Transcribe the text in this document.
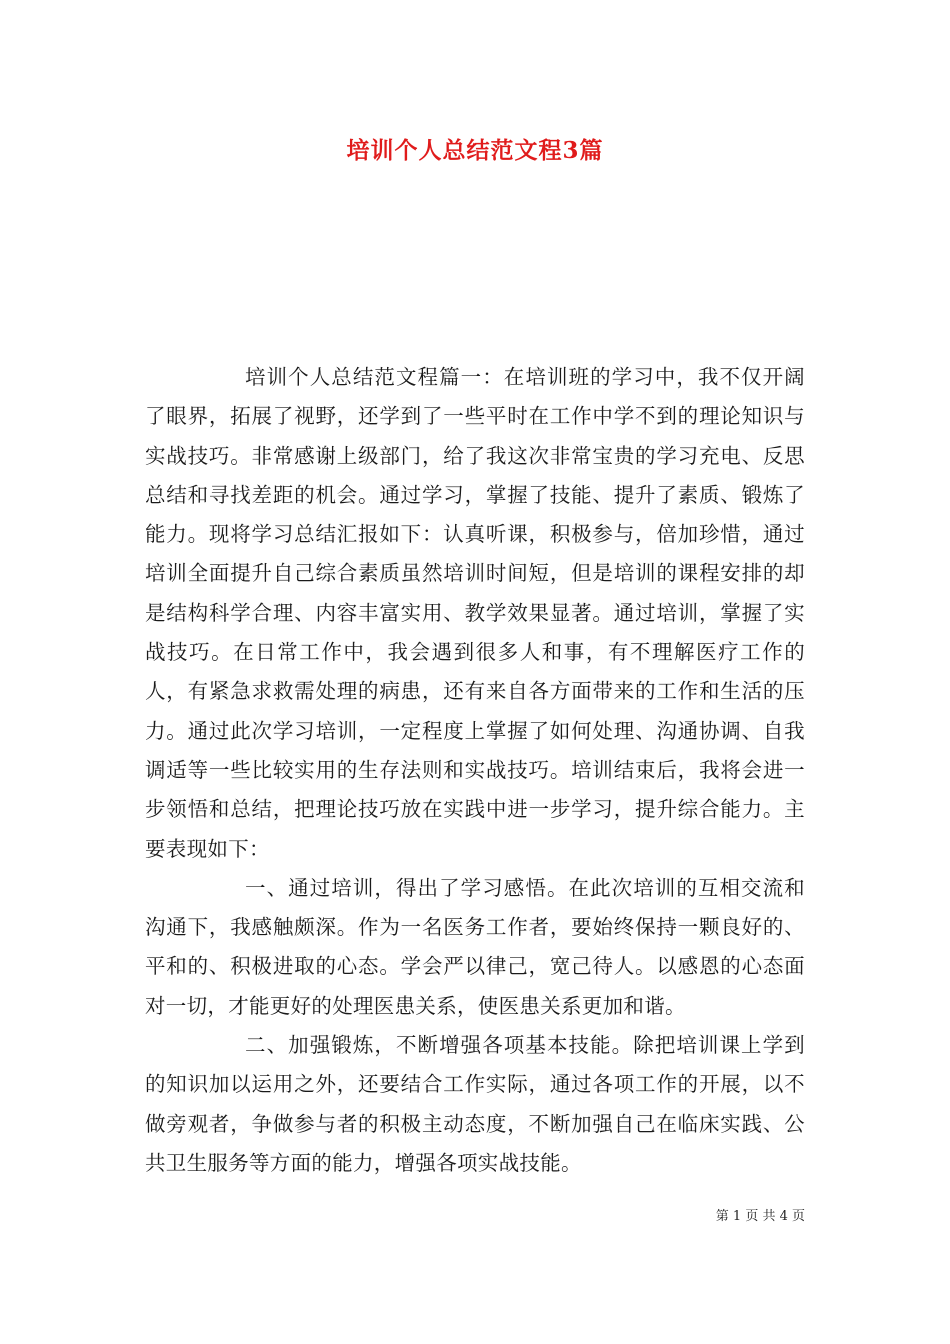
培训个人总结范文程3篇

培训个人总结范文程篇一：在培训班的学习中，我不仅开阔了眼界，拓展了视野，还学到了一些平时在工作中学不到的理论知识与实战技巧。非常感谢上级部门，给了我这次非常宝贵的学习充电、反思总结和寻找差距的机会。通过学习，掌握了技能、提升了素质、锻炼了能力。现将学习总结汇报如下：认真听课，积极参与，倍加珍惜，通过培训全面提升自己综合素质虽然培训时间短，但是培训的课程安排的却是结构科学合理、内容丰富实用、教学效果显著。通过培训，掌握了实战技巧。在日常工作中，我会遇到很多人和事，有不理解医疗工作的人，有紧急求救需处理的病患，还有来自各方面带来的工作和生活的压力。通过此次学习培训，一定程度上掌握了如何处理、沟通协调、自我调适等一些比较实用的生存法则和实战技巧。培训结束后，我将会进一步领悟和总结，把理论技巧放在实践中进一步学习，提升综合能力。主要表现如下：

一、通过培训，得出了学习感悟。在此次培训的互相交流和沟通下，我感触颇深。作为一名医务工作者，要始终保持一颗良好的、平和的、积极进取的心态。学会严以律己，宽己待人。以感恩的心态面对一切，才能更好的处理医患关系，使医患关系更加和谐。

二、加强锻炼，不断增强各项基本技能。除把培训课上学到的知识加以运用之外，还要结合工作实际，通过各项工作的开展，以不做旁观者，争做参与者的积极主动态度，不断加强自己在临床实践、公共卫生服务等方面的能力，增强各项实战技能。

第 1 页 共 4 页
